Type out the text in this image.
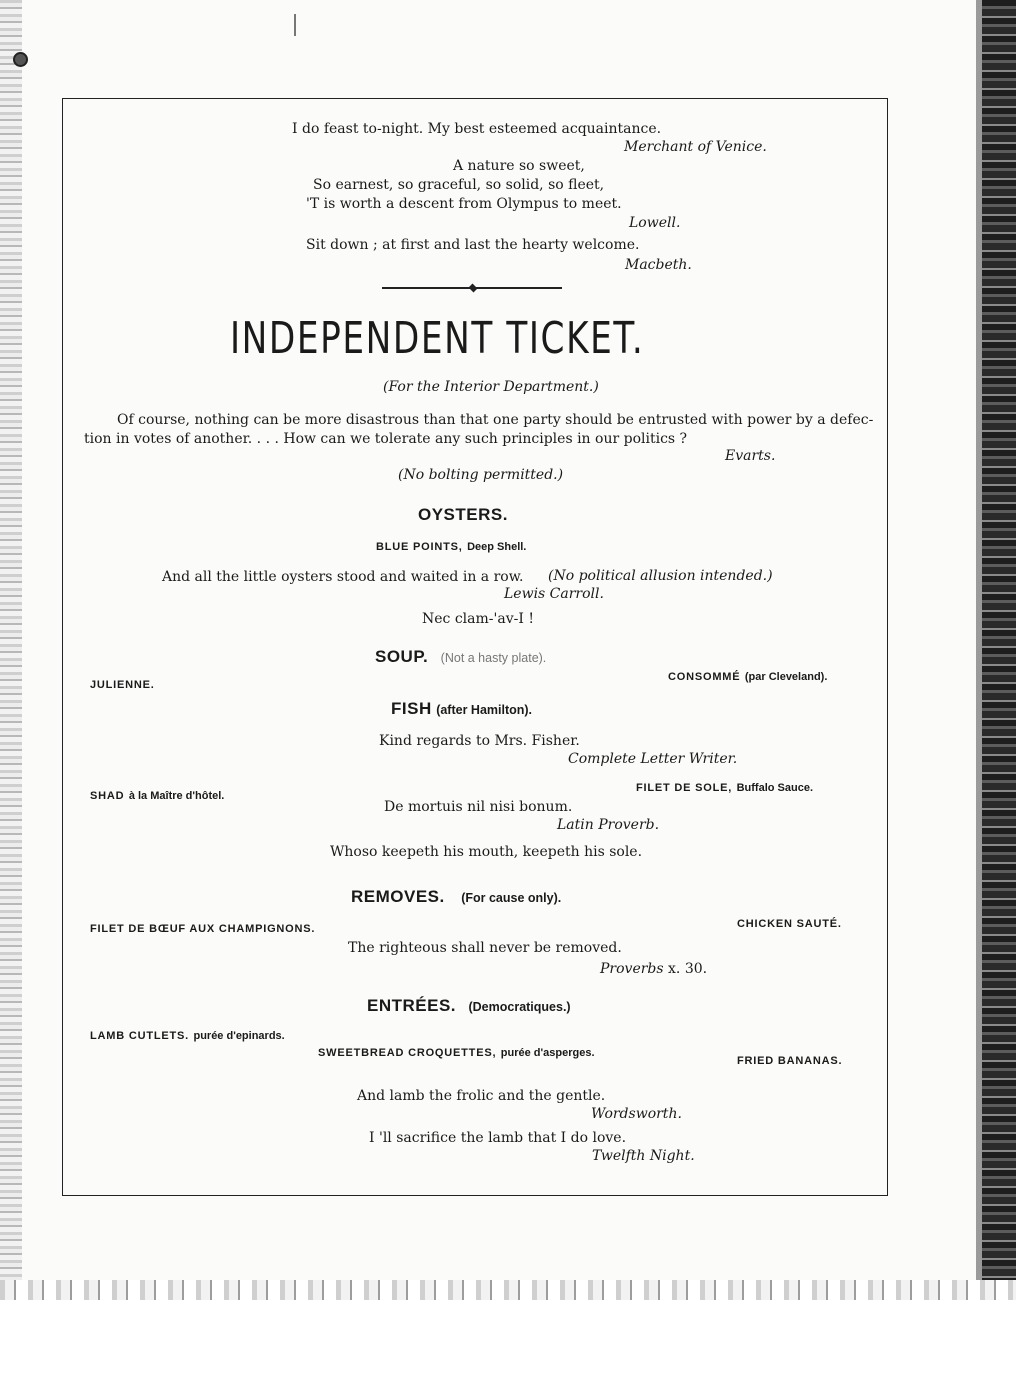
I do feast to-night. My best esteemed acquaintance.
Merchant of Venice.
A nature so sweet,
So earnest, so graceful, so solid, so fleet,
'T is worth a descent from Olympus to meet.
Lowell.
Sit down ; at first and last the hearty welcome.
Macbeth.
INDEPENDENT TICKET.
(For the Interior Department.)
Of course, nothing can be more disastrous than that one party should be entrusted with power by a defec-
tion in votes of another. . . . How can we tolerate any such principles in our politics ?
Evarts.
(No bolting permitted.)
OYSTERS.
BLUE POINTS, Deep Shell.
And all the little oysters stood and waited in a row. (No political allusion intended.)
Lewis Carroll.
Nec clam-'av-I !
SOUP. (Not a hasty plate).
JULIENNE.
CONSOMMÉ (par Cleveland).
FISH (after Hamilton).
Kind regards to Mrs. Fisher.
Complete Letter Writer.
SHAD à la Maître d'hôtel.
FILET DE SOLE, Buffalo Sauce.
De mortuis nil nisi bonum.
Latin Proverb.
Whoso keepeth his mouth, keepeth his sole.
REMOVES. (For cause only).
FILET DE BŒUF AUX CHAMPIGNONS.	CHICKEN SAUTÉ.
The righteous shall never be removed.
Proverbs x. 30.
ENTRÉES. (Democratiques.)
LAMB CUTLETS. purée d'epinards.
SWEETBREAD CROQUETTES, purée d'asperges.
FRIED BANANAS.
And lamb the frolic and the gentle.
Wordsworth.
I 'll sacrifice the lamb that I do love.
Twelfth Night.
